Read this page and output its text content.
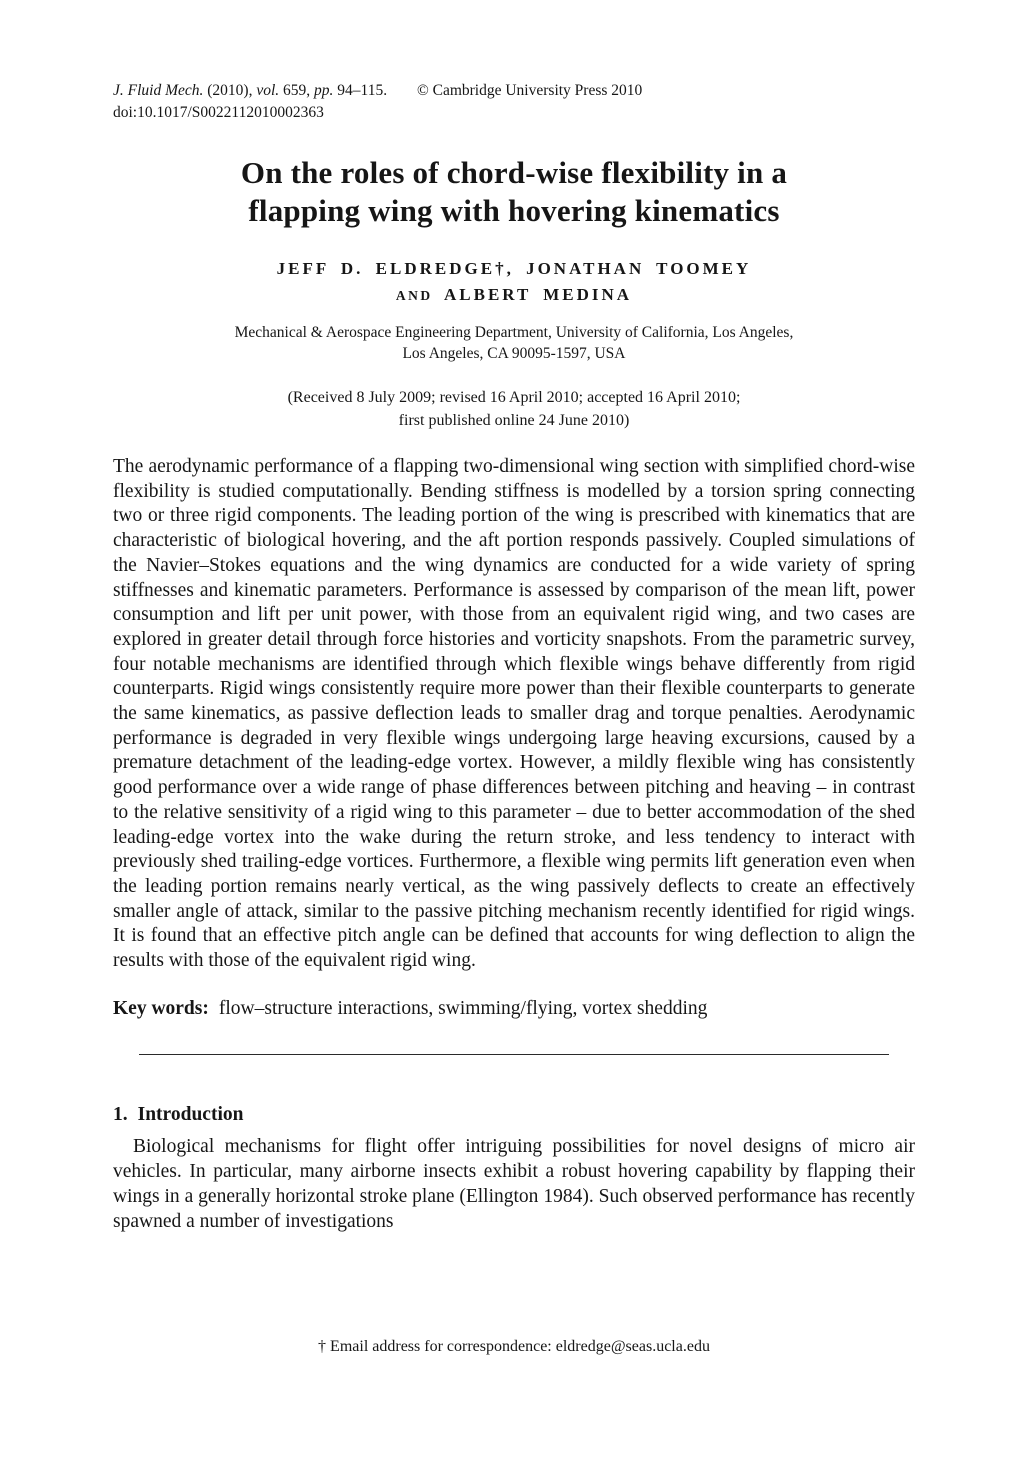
J. Fluid Mech. (2010), vol. 659, pp. 94–115. © Cambridge University Press 2010
doi:10.1017/S0022112010002363
On the roles of chord-wise flexibility in a
flapping wing with hovering kinematics
JEFF D. ELDREDGE†, JONATHAN TOOMEY
AND ALBERT MEDINA
Mechanical & Aerospace Engineering Department, University of California, Los Angeles,
Los Angeles, CA 90095-1597, USA
(Received 8 July 2009; revised 16 April 2010; accepted 16 April 2010;
first published online 24 June 2010)

The aerodynamic performance of a flapping two-dimensional wing section with simplified chord-wise flexibility is studied computationally. Bending stiffness is modelled by a torsion spring connecting two or three rigid components. The leading portion of the wing is prescribed with kinematics that are characteristic of biological hovering, and the aft portion responds passively. Coupled simulations of the Navier–Stokes equations and the wing dynamics are conducted for a wide variety of spring stiffnesses and kinematic parameters. Performance is assessed by comparison of the mean lift, power consumption and lift per unit power, with those from an equivalent rigid wing, and two cases are explored in greater detail through force histories and vorticity snapshots. From the parametric survey, four notable mechanisms are identified through which flexible wings behave differently from rigid counterparts. Rigid wings consistently require more power than their flexible counterparts to generate the same kinematics, as passive deflection leads to smaller drag and torque penalties. Aerodynamic performance is degraded in very flexible wings undergoing large heaving excursions, caused by a premature detachment of the leading-edge vortex. However, a mildly flexible wing has consistently good performance over a wide range of phase differences between pitching and heaving – in contrast to the relative sensitivity of a rigid wing to this parameter – due to better accommodation of the shed leading-edge vortex into the wake during the return stroke, and less tendency to interact with previously shed trailing-edge vortices. Furthermore, a flexible wing permits lift generation even when the leading portion remains nearly vertical, as the wing passively deflects to create an effectively smaller angle of attack, similar to the passive pitching mechanism recently identified for rigid wings. It is found that an effective pitch angle can be defined that accounts for wing deflection to align the results with those of the equivalent rigid wing.

Key words: flow–structure interactions, swimming/flying, vortex shedding
1. Introduction

Biological mechanisms for flight offer intriguing possibilities for novel designs of micro air vehicles. In particular, many airborne insects exhibit a robust hovering capability by flapping their wings in a generally horizontal stroke plane (Ellington 1984). Such observed performance has recently spawned a number of investigations

† Email address for correspondence: eldredge@seas.ucla.edu
